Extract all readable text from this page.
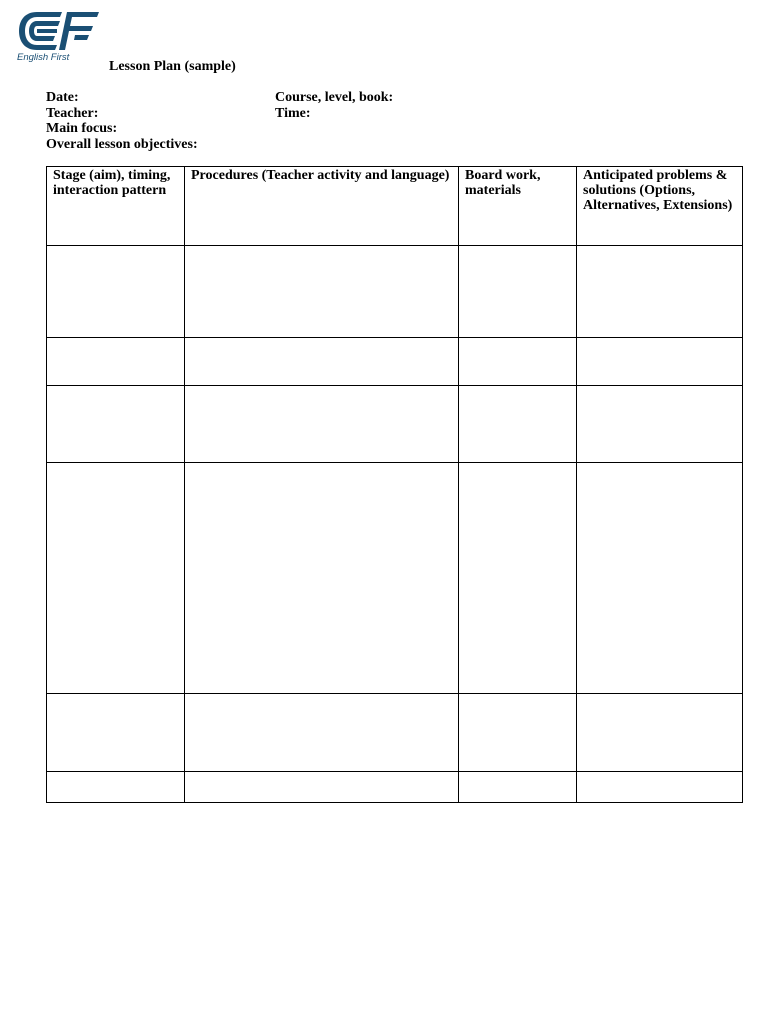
English First
Lesson Plan (sample)
Date:
Teacher:
Main focus:
Overall lesson objectives:
Course, level, book:
Time:
Stage (aim), timing, interaction pattern	Procedures (Teacher activity and language)	Board work, materials	Anticipated problems & solutions (Options, Alternatives, Extensions)
